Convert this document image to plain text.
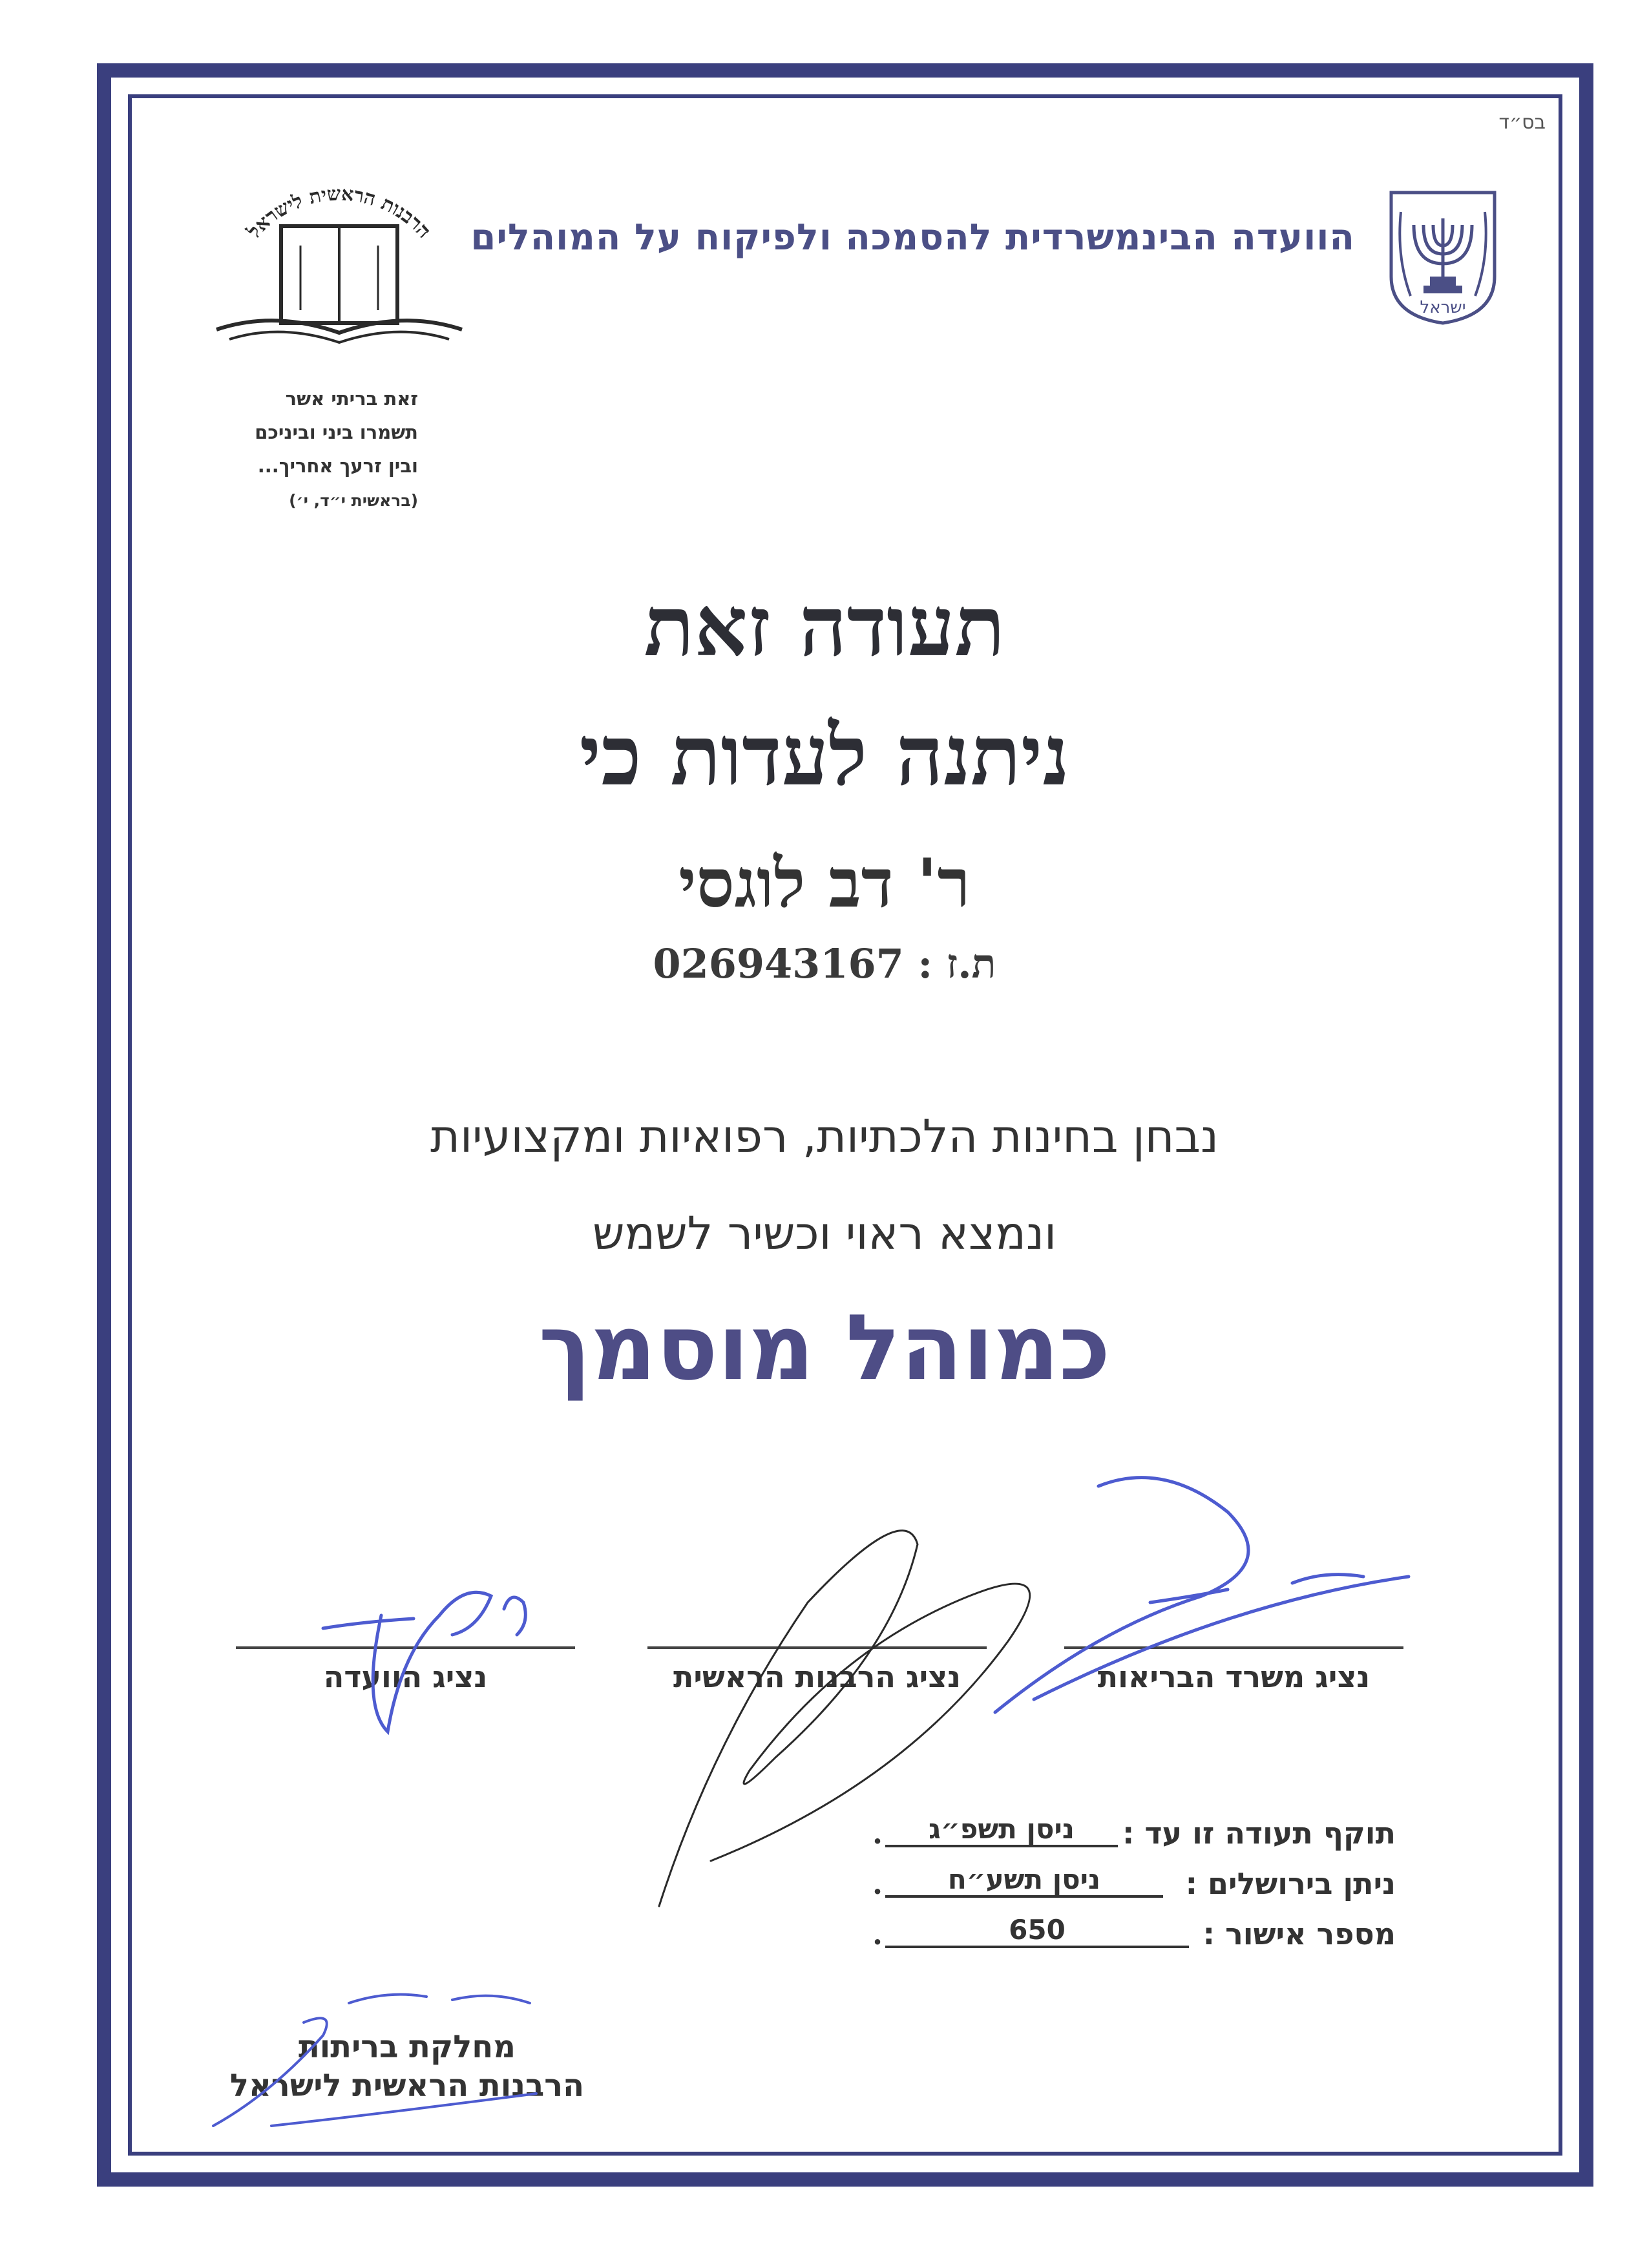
בס״ד
הוועדה הבינמשרדית להסמכה ולפיקוח על המוהלים
ישראל
הרבנות הראשית לישראל
זאת בריתי אשר
תשמרו ביני וביניכם
ובין זרעך אחריך...
(בראשית י״ד, י׳)
תעודה זאת
ניתנה לעדות כי
ר' דב לוגסי
ת.ז : 026943167
נבחן בחינות הלכתיות, רפואיות ומקצועיות
ונמצא ראוי וכשיר לשמש
כמוהל מוסמך
נציג משרד הבריאות
נציג הרבנות הראשית
נציג הוועדה
תוקף תעודה זו עד :
ניסן תשפ״ג
.
ניתן בירושלים :
ניסן תשע״ח
.
מספר אישור :
650
.
מחלקת בריתות
הרבנות הראשית לישראל
